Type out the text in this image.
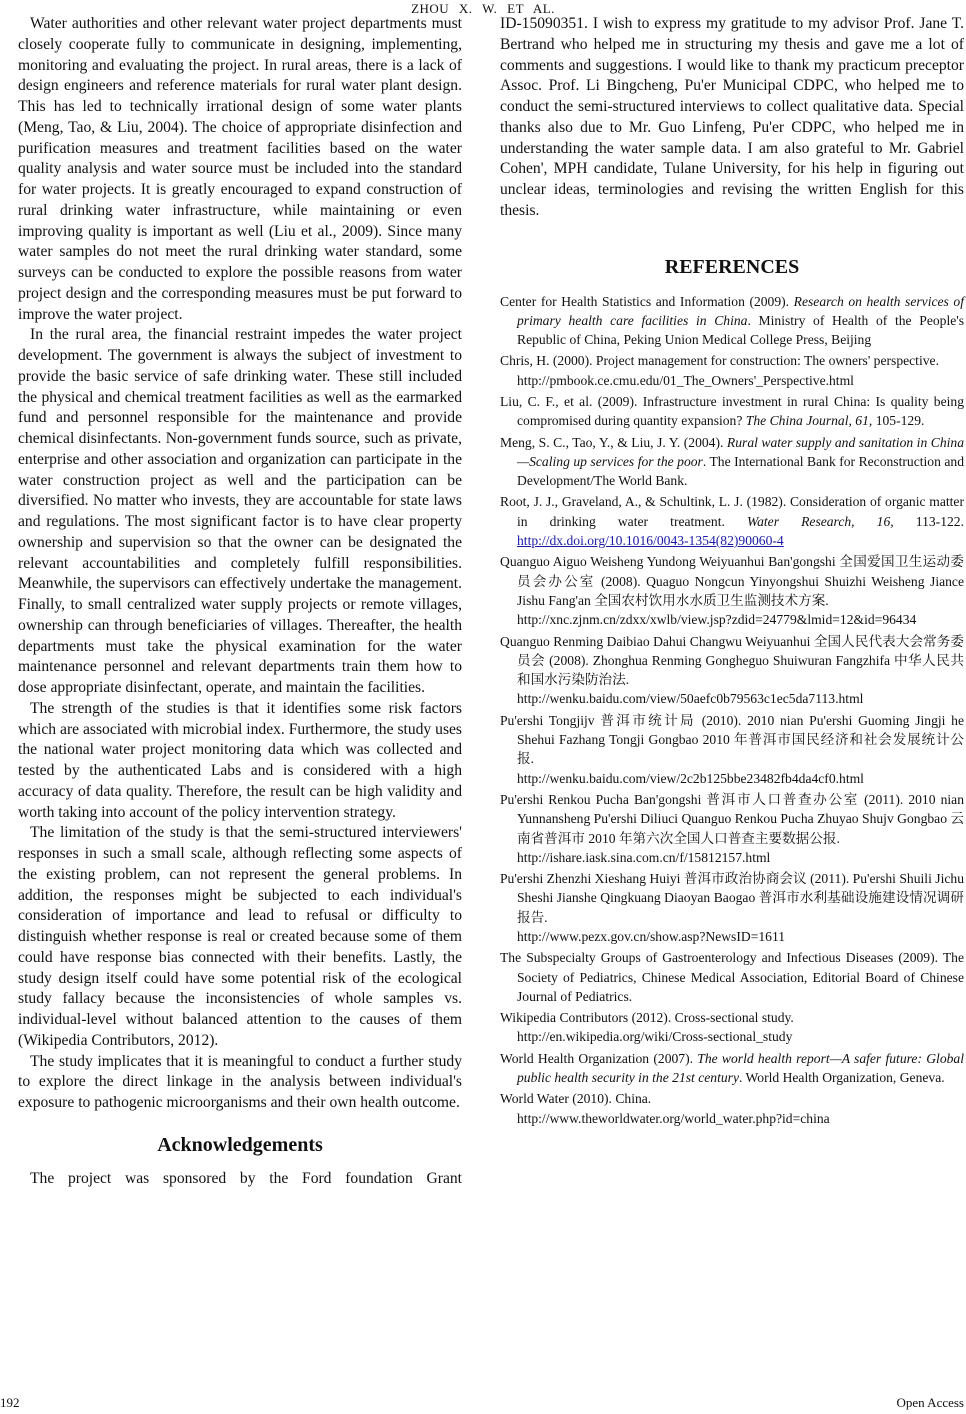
ZHOU X. W. ET AL.

Water authorities and other relevant water project departments must closely cooperate fully to communicate in designing, implementing, monitoring and evaluating the project. In rural areas, there is a lack of design engineers and reference materials for rural water plant design. This has led to technically irrational design of some water plants (Meng, Tao, & Liu, 2004). The choice of appropriate disinfection and purification measures and treatment facilities based on the water quality analysis and water source must be included into the standard for water projects. It is greatly encouraged to expand construction of rural drinking water infrastructure, while maintaining or even improving quality is important as well (Liu et al., 2009). Since many water samples do not meet the rural drinking water standard, some surveys can be conducted to explore the possible reasons from water project design and the corresponding measures must be put forward to improve the water project.

In the rural area, the financial restraint impedes the water project development. The government is always the subject of investment to provide the basic service of safe drinking water. These still included the physical and chemical treatment facilities as well as the earmarked fund and personnel responsible for the maintenance and provide chemical disinfectants. Non-government funds source, such as private, enterprise and other association and organization can participate in the water construction project as well and the participation can be diversified. No matter who invests, they are accountable for state laws and regulations. The most significant factor is to have clear property ownership and supervision so that the owner can be designated the relevant accountabilities and completely fulfill responsibilities. Meanwhile, the supervisors can effectively undertake the management. Finally, to small centralized water supply projects or remote villages, ownership can through beneficiaries of villages. Thereafter, the health departments must take the physical examination for the water maintenance personnel and relevant departments train them how to dose appropriate disinfectant, operate, and maintain the facilities.

The strength of the studies is that it identifies some risk factors which are associated with microbial index. Furthermore, the study uses the national water project monitoring data which was collected and tested by the authenticated Labs and is considered with a high accuracy of data quality. Therefore, the result can be high validity and worth taking into account of the policy intervention strategy.

The limitation of the study is that the semi-structured interviewers' responses in such a small scale, although reflecting some aspects of the existing problem, can not represent the general problems. In addition, the responses might be subjected to each individual's consideration of importance and lead to refusal or difficulty to distinguish whether response is real or created because some of them could have response bias connected with their benefits. Lastly, the study design itself could have some potential risk of the ecological study fallacy because the inconsistencies of whole samples vs. individual-level without balanced attention to the causes of them (Wikipedia Contributors, 2012).

The study implicates that it is meaningful to conduct a further study to explore the direct linkage in the analysis between individual's exposure to pathogenic microorganisms and their own health outcome.

Acknowledgements

The project was sponsored by the Ford foundation Grant

ID-15090351. I wish to express my gratitude to my advisor Prof. Jane T. Bertrand who helped me in structuring my thesis and gave me a lot of comments and suggestions. I would like to thank my practicum preceptor Assoc. Prof. Li Bingcheng, Pu'er Municipal CDPC, who helped me to conduct the semi-structured interviews to collect qualitative data. Special thanks also due to Mr. Guo Linfeng, Pu'er CDPC, who helped me in understanding the water sample data. I am also grateful to Mr. Gabriel Cohen', MPH candidate, Tulane University, for his help in figuring out unclear ideas, terminologies and revising the written English for this thesis.

REFERENCES
Center for Health Statistics and Information (2009). Research on health services of primary health care facilities in China. Ministry of Health of the People's Republic of China, Peking Union Medical College Press, Beijing
Chris, H. (2000). Project management for construction: The owners' perspective.
http://pmbook.ce.cmu.edu/01_The_Owners'_Perspective.html
Liu, C. F., et al. (2009). Infrastructure investment in rural China: Is quality being compromised during quantity expansion? The China Journal, 61, 105-129.
Meng, S. C., Tao, Y., & Liu, J. Y. (2004). Rural water supply and sanitation in China—Scaling up services for the poor. The International Bank for Reconstruction and Development/The World Bank.
Root, J. J., Graveland, A., & Schultink, L. J. (1982). Consideration of organic matter in drinking water treatment. Water Research, 16, 113-122. http://dx.doi.org/10.1016/0043-1354(82)90060-4
Quanguo Aiguo Weisheng Yundong Weiyuanhui Ban'gongshi 全国爱国卫生运动委员会办公室 (2008). Quaguo Nongcun Yinyongshui Shuizhi Weisheng Jiance Jishu Fang'an 全国农村饮用水水质卫生监测技术方案.
http://xnc.zjnm.cn/zdxx/xwlb/view.jsp?zdid=24779&lmid=12&id=96434
Quanguo Renming Daibiao Dahui Changwu Weiyuanhui 全国人民代表大会常务委员会 (2008). Zhonghua Renming Gongheguo Shuiwuran Fangzhifa 中华人民共和国水污染防治法.
http://wenku.baidu.com/view/50aefc0b79563c1ec5da7113.html
Pu'ershi Tongjijv 普洱市统计局 (2010). 2010 nian Pu'ershi Guoming Jingji he Shehui Fazhang Tongji Gongbao 2010 年普洱市国民经济和社会发展统计公报.
http://wenku.baidu.com/view/2c2b125bbe23482fb4da4cf0.html
Pu'ershi Renkou Pucha Ban'gongshi 普洱市人口普查办公室 (2011). 2010 nian Yunnansheng Pu'ershi Diliuci Quanguo Renkou Pucha Zhuyao Shujv Gongbao 云南省普洱市 2010 年第六次全国人口普查主要数据公报.
http://ishare.iask.sina.com.cn/f/15812157.html
Pu'ershi Zhenzhi Xieshang Huiyi 普洱市政治协商会议 (2011). Pu'ershi Shuili Jichu Sheshi Jianshe Qingkuang Diaoyan Baogao 普洱市水利基础设施建设情况调研报告.
http://www.pezx.gov.cn/show.asp?NewsID=1611
The Subspecialty Groups of Gastroenterology and Infectious Diseases (2009). The Society of Pediatrics, Chinese Medical Association, Editorial Board of Chinese Journal of Pediatrics.
Wikipedia Contributors (2012). Cross-sectional study.
http://en.wikipedia.org/wiki/Cross-sectional_study
World Health Organization (2007). The world health report—A safer future: Global public health security in the 21st century. World Health Organization, Geneva.
World Water (2010). China.
http://www.theworldwater.org/world_water.php?id=china
192	Open Access
